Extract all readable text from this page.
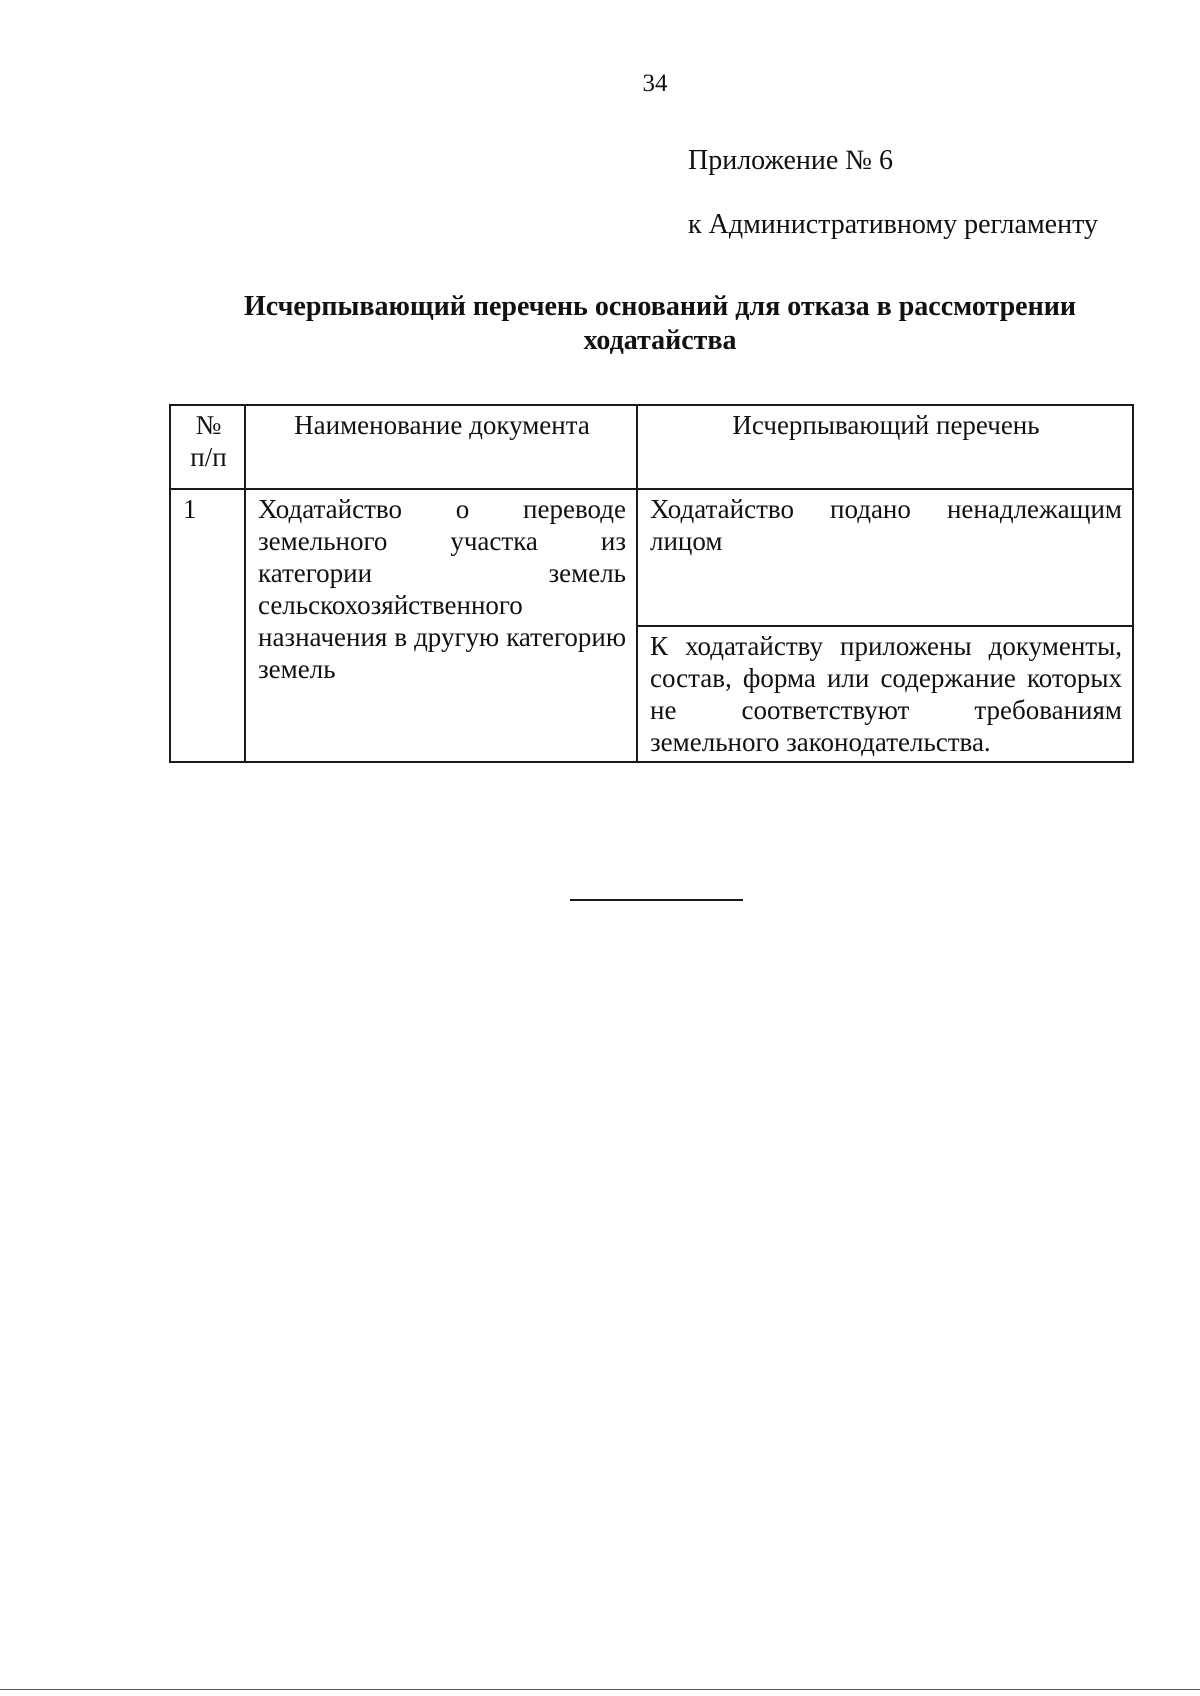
34
Приложение № 6
к Административному регламенту
Исчерпывающий перечень оснований для отказа в рассмотрении
ходатайства
№ п/п	Наименование документа	Исчерпывающий перечень
1	Ходатайство о переводе земельного участка из категории земель сельскохозяйственного назначения в другую категорию земель	Ходатайство подано ненадлежащим лицом
		К ходатайству приложены документы, состав, форма или содержание которых не соответствуют требованиям земельного законодательства.
